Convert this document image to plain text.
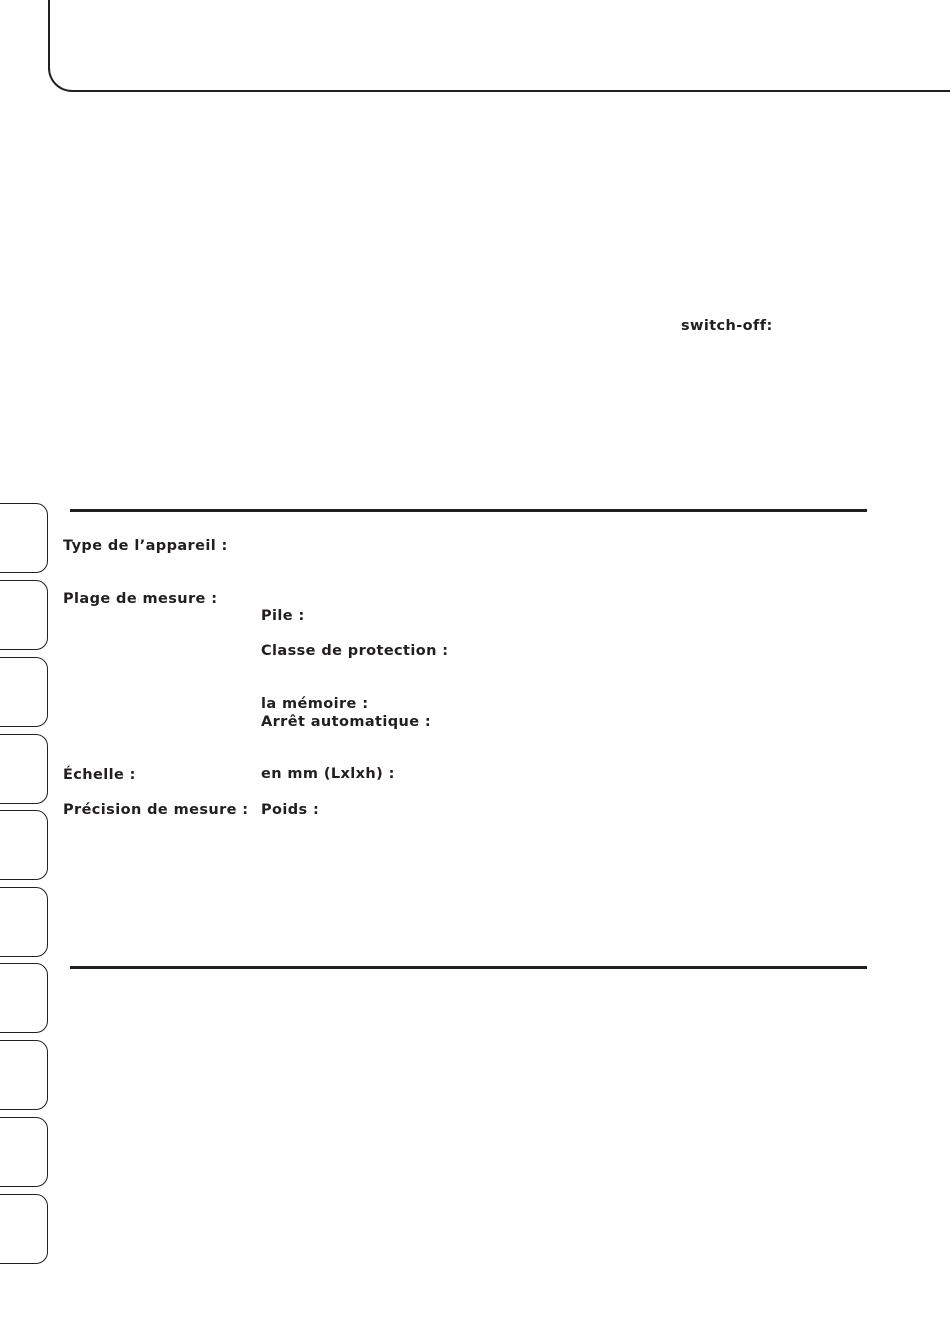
switch-off:
Type de l’appareil :
Plage de mesure :
Pile :
Classe de protection :
la mémoire :
Arrêt automatique :
Échelle :	en mm (Lxlxh) :
Précision de mesure : Poids :
